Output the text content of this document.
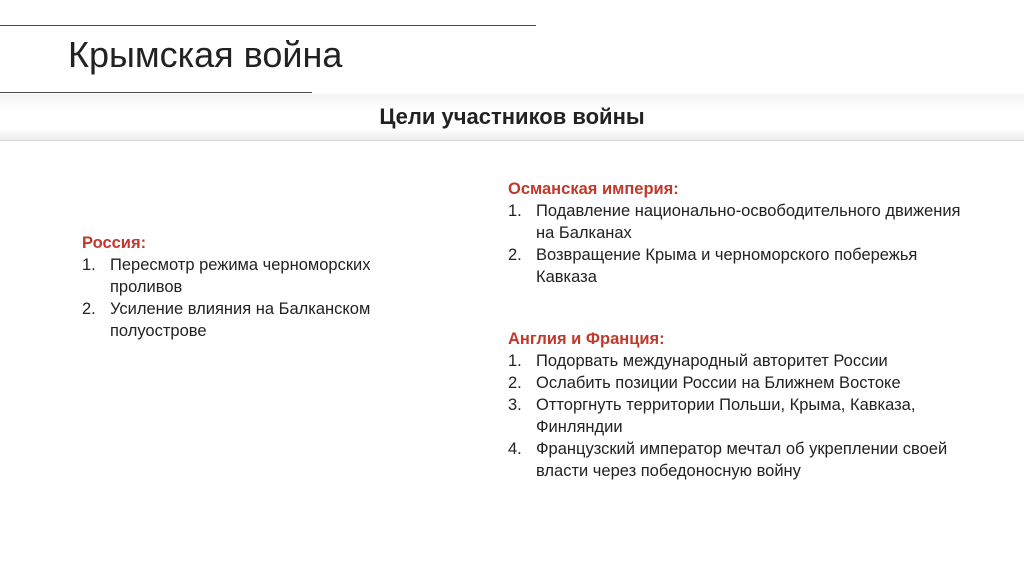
Крымская война
Цели участников войны
Россия:
1. Пересмотр режима черноморских проливов
2. Усиление влияния на Балканском полуострове
Османская империя:
1. Подавление национально-освободительного движения на Балканах
2. Возвращение Крыма и черноморского побережья Кавказа
Англия и Франция:
1. Подорвать международный авторитет России
2. Ослабить позиции России на Ближнем Востоке
3. Отторгнуть территории Польши, Крыма, Кавказа, Финляндии
4. Французский император мечтал об укреплении своей власти через победоносную войну
